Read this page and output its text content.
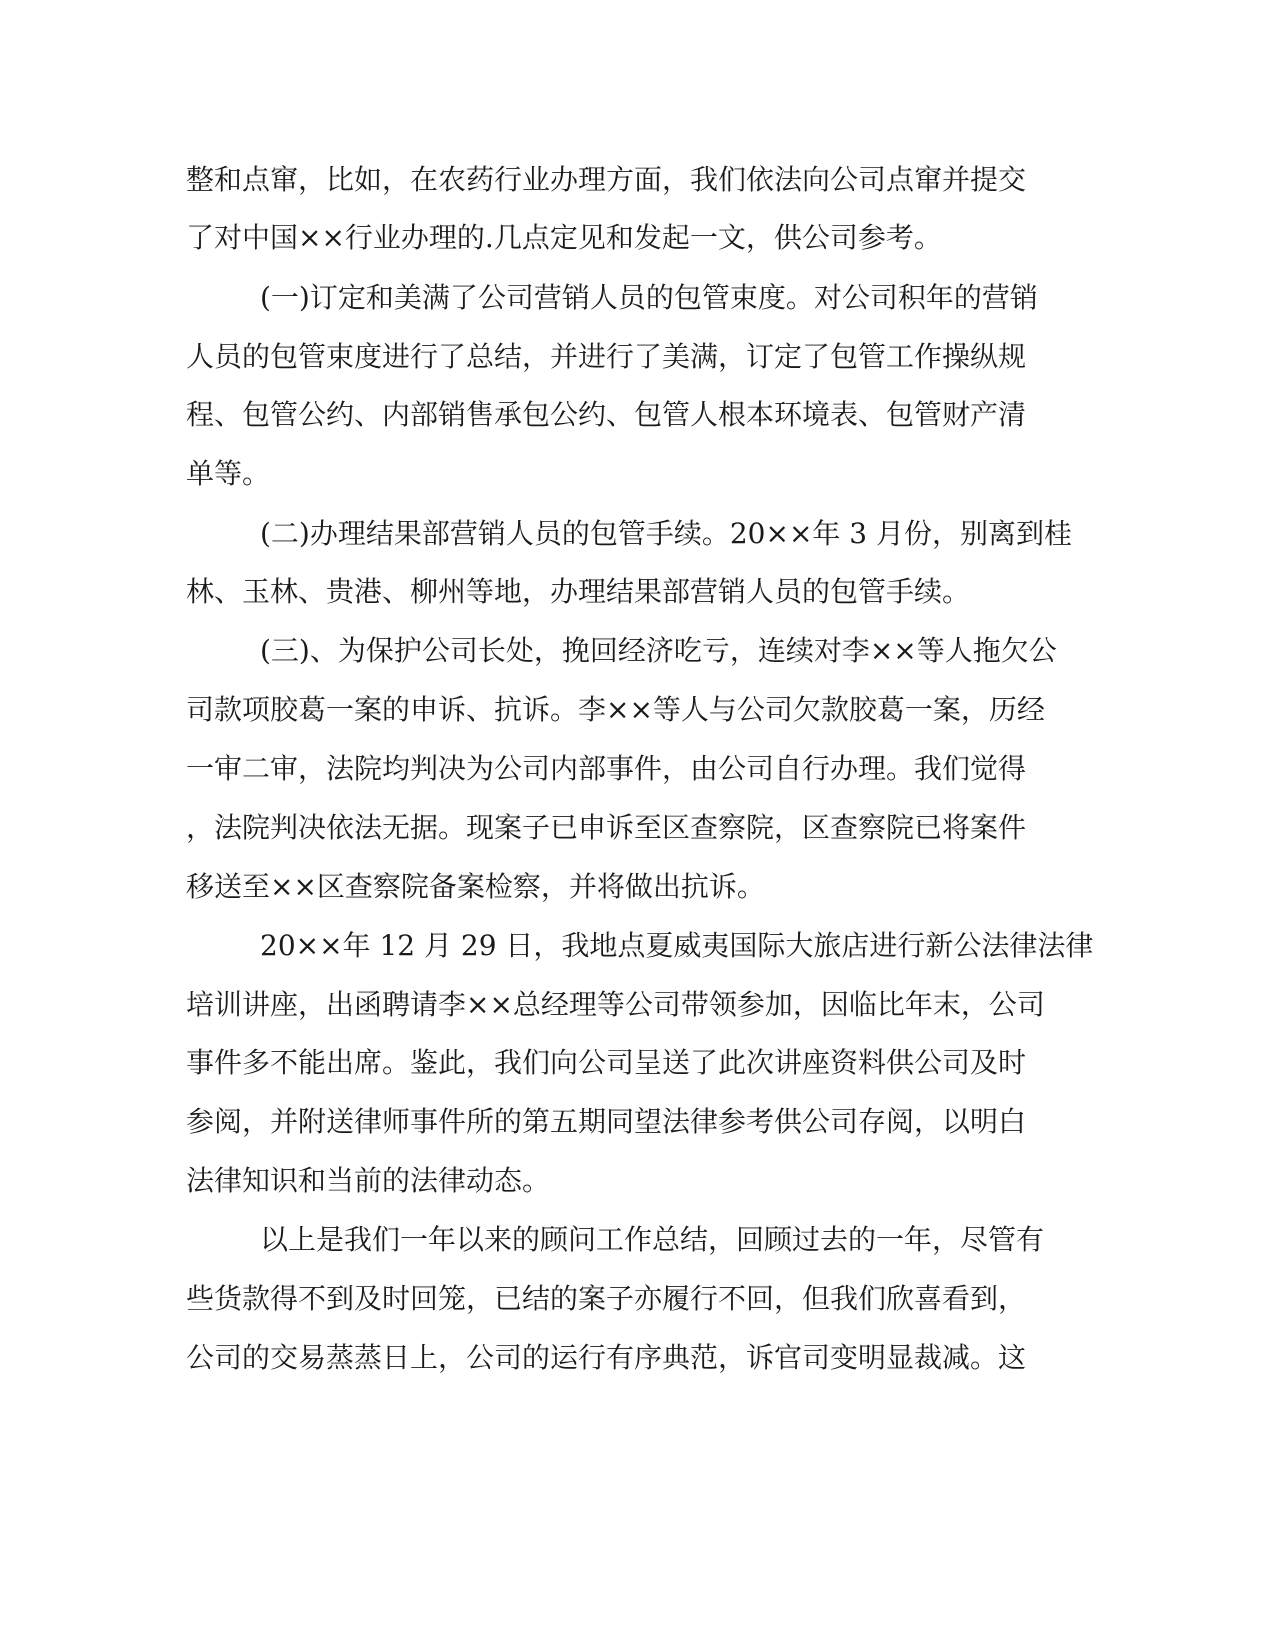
整和点窜，比如，在农药行业办理方面，我们依法向公司点窜并提交
了对中国××行业办理的.几点定见和发起一文，供公司参考。
(一)订定和美满了公司营销人员的包管束度。对公司积年的营销
人员的包管束度进行了总结，并进行了美满，订定了包管工作操纵规
程、包管公约、内部销售承包公约、包管人根本环境表、包管财产清
单等。
(二)办理结果部营销人员的包管手续。20××年 3 月份，别离到桂
林、玉林、贵港、柳州等地，办理结果部营销人员的包管手续。
(三)、为保护公司长处，挽回经济吃亏，连续对李××等人拖欠公
司款项胶葛一案的申诉、抗诉。李××等人与公司欠款胶葛一案，历经
一审二审，法院均判决为公司内部事件，由公司自行办理。我们觉得
，法院判决依法无据。现案子已申诉至区查察院，区查察院已将案件
移送至××区查察院备案检察，并将做出抗诉。
20××年 12 月 29 日，我地点夏威夷国际大旅店进行新公法律法律
培训讲座，出函聘请李××总经理等公司带领参加，因临比年末，公司
事件多不能出席。鉴此，我们向公司呈送了此次讲座资料供公司及时
参阅，并附送律师事件所的第五期同望法律参考供公司存阅，以明白
法律知识和当前的法律动态。
以上是我们一年以来的顾问工作总结，回顾过去的一年，尽管有
些货款得不到及时回笼，已结的案子亦履行不回，但我们欣喜看到，
公司的交易蒸蒸日上，公司的运行有序典范，诉官司变明显裁减。这
